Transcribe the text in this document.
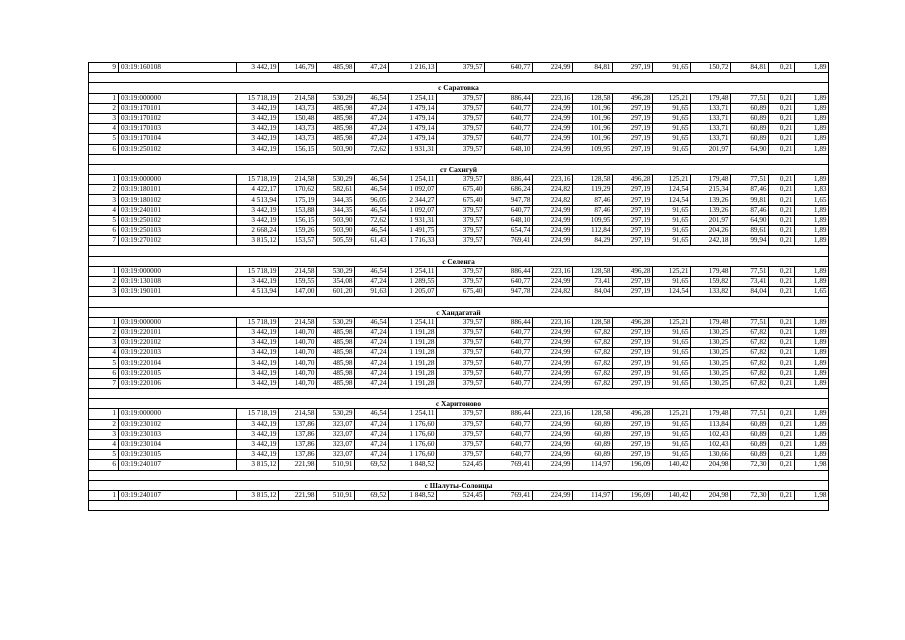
9	03:19:160108	3 442,19	146,79	485,98	47,24	1 216,13	379,57	640,77	224,99	84,81	297,19	91,65	150,72	84,81	0,21	1,89

с Саратовка																
1	03:19:000000	15 718,19	214,58	530,29	46,54	1 254,11	379,57	886,44	223,16	128,58	496,28	125,21	179,48	77,51	0,21	1,89
2	03:19:170101	3 442,19	143,73	485,98	47,24	1 479,14	379,57	640,77	224,99	101,96	297,19	91,65	133,71	60,89	0,21	1,89
3	03:19:170102	3 442,19	150,48	485,98	47,24	1 479,14	379,57	640,77	224,99	101,96	297,19	91,65	133,71	60,89	0,21	1,89
4	03:19:170103	3 442,19	143,73	485,98	47,24	1 479,14	379,57	640,77	224,99	101,96	297,19	91,65	133,71	60,89	0,21	1,89
5	03:19:170104	3 442,19	143,73	485,98	47,24	1 479,14	379,57	640,77	224,99	101,96	297,19	91,65	133,71	60,89	0,21	1,89
6	03:19:250102	3 442,19	156,15	503,90	72,62	1 931,31	379,57	648,10	224,99	109,95	297,19	91,65	201,97	64,90	0,21	1,89

ст Сахнгуй																
1	03:19:000000	15 718,19	214,58	530,29	46,54	1 254,11	379,57	886,44	223,16	128,58	496,28	125,21	179,48	77,51	0,21	1,89
2	03:19:180101	4 422,17	170,62	582,61	46,54	1 092,07	675,40	686,24	224,82	119,29	297,19	124,54	215,34	87,46	0,21	1,83
3	03:19:180102	4 513,94	175,19	344,35	96,05	2 344,27	675,40	947,78	224,82	87,46	297,19	124,54	139,26	99,81	0,21	1,65
4	03:19:240101	3 442,19	153,88	344,35	46,54	1 092,07	379,57	640,77	224,99	87,46	297,19	91,65	139,26	87,46	0,21	1,89
5	03:19:250102	3 442,19	156,15	503,90	72,62	1 931,31	379,57	648,10	224,99	109,95	297,19	91,65	201,97	64,90	0,21	1,89
6	03:19:250103	2 668,24	159,26	503,90	46,54	1 491,75	379,57	654,74	224,99	112,84	297,19	91,65	204,26	89,61	0,21	1,89
7	03:19:270102	3 815,12	153,57	505,59	61,43	1 716,33	379,57	769,41	224,99	84,29	297,19	91,65	242,18	99,94	0,21	1,89

с Селенга																
1	03:19:000000	15 718,19	214,58	530,29	46,54	1 254,11	379,57	886,44	223,16	128,58	496,28	125,21	179,48	77,51	0,21	1,89
2	03:19:130108	3 442,19	159,55	354,08	47,24	1 289,55	379,57	640,77	224,99	73,41	297,19	91,65	159,82	73,41	0,21	1,89
3	03:19:190101	4 513,94	147,00	601,20	91,63	1 205,07	675,40	947,78	224,82	84,04	297,19	124,54	133,82	84,04	0,21	1,65

с Хандагатай																
1	03:19:000000	15 718,19	214,58	530,29	46,54	1 254,11	379,57	886,44	223,16	128,58	496,28	125,21	179,48	77,51	0,21	1,89
2	03:19:220101	3 442,19	140,70	485,98	47,24	1 191,28	379,57	640,77	224,99	67,82	297,19	91,65	130,25	67,82	0,21	1,89
3	03:19:220102	3 442,19	140,70	485,98	47,24	1 191,28	379,57	640,77	224,99	67,82	297,19	91,65	130,25	67,82	0,21	1,89
4	03:19:220103	3 442,19	140,70	485,98	47,24	1 191,28	379,57	640,77	224,99	67,82	297,19	91,65	130,25	67,82	0,21	1,89
5	03:19:220104	3 442,19	140,70	485,98	47,24	1 191,28	379,57	640,77	224,99	67,82	297,19	91,65	130,25	67,82	0,21	1,89
6	03:19:220105	3 442,19	140,70	485,98	47,24	1 191,28	379,57	640,77	224,99	67,82	297,19	91,65	130,25	67,82	0,21	1,89
7	03:19:220106	3 442,19	140,70	485,98	47,24	1 191,28	379,57	640,77	224,99	67,82	297,19	91,65	130,25	67,82	0,21	1,89

с Харитоново																
1	03:19:000000	15 718,19	214,58	530,29	46,54	1 254,11	379,57	886,44	223,16	128,58	496,28	125,21	179,48	77,51	0,21	1,89
2	03:19:230102	3 442,19	137,86	323,07	47,24	1 176,60	379,57	640,77	224,99	60,89	297,19	91,65	113,84	60,89	0,21	1,89
3	03:19:230103	3 442,19	137,86	323,07	47,24	1 176,60	379,57	640,77	224,99	60,89	297,19	91,65	102,43	60,89	0,21	1,89
4	03:19:230104	3 442,19	137,86	323,07	47,24	1 176,60	379,57	640,77	224,99	60,89	297,19	91,65	102,43	60,89	0,21	1,89
5	03:19:230105	3 442,19	137,86	323,07	47,24	1 176,60	379,57	640,77	224,99	60,89	297,19	91,65	130,66	60,89	0,21	1,89
6	03:19:240107	3 815,12	221,98	510,91	69,52	1 848,52	524,45	769,41	224,99	114,97	196,09	140,42	204,98	72,30	0,21	1,98

с Шалуты-Солонцы																
1	03:19:240107	3 815,12	221,98	510,91	69,52	1 848,52	524,45	769,41	224,99	114,97	196,09	140,42	204,98	72,30	0,21	1,98
